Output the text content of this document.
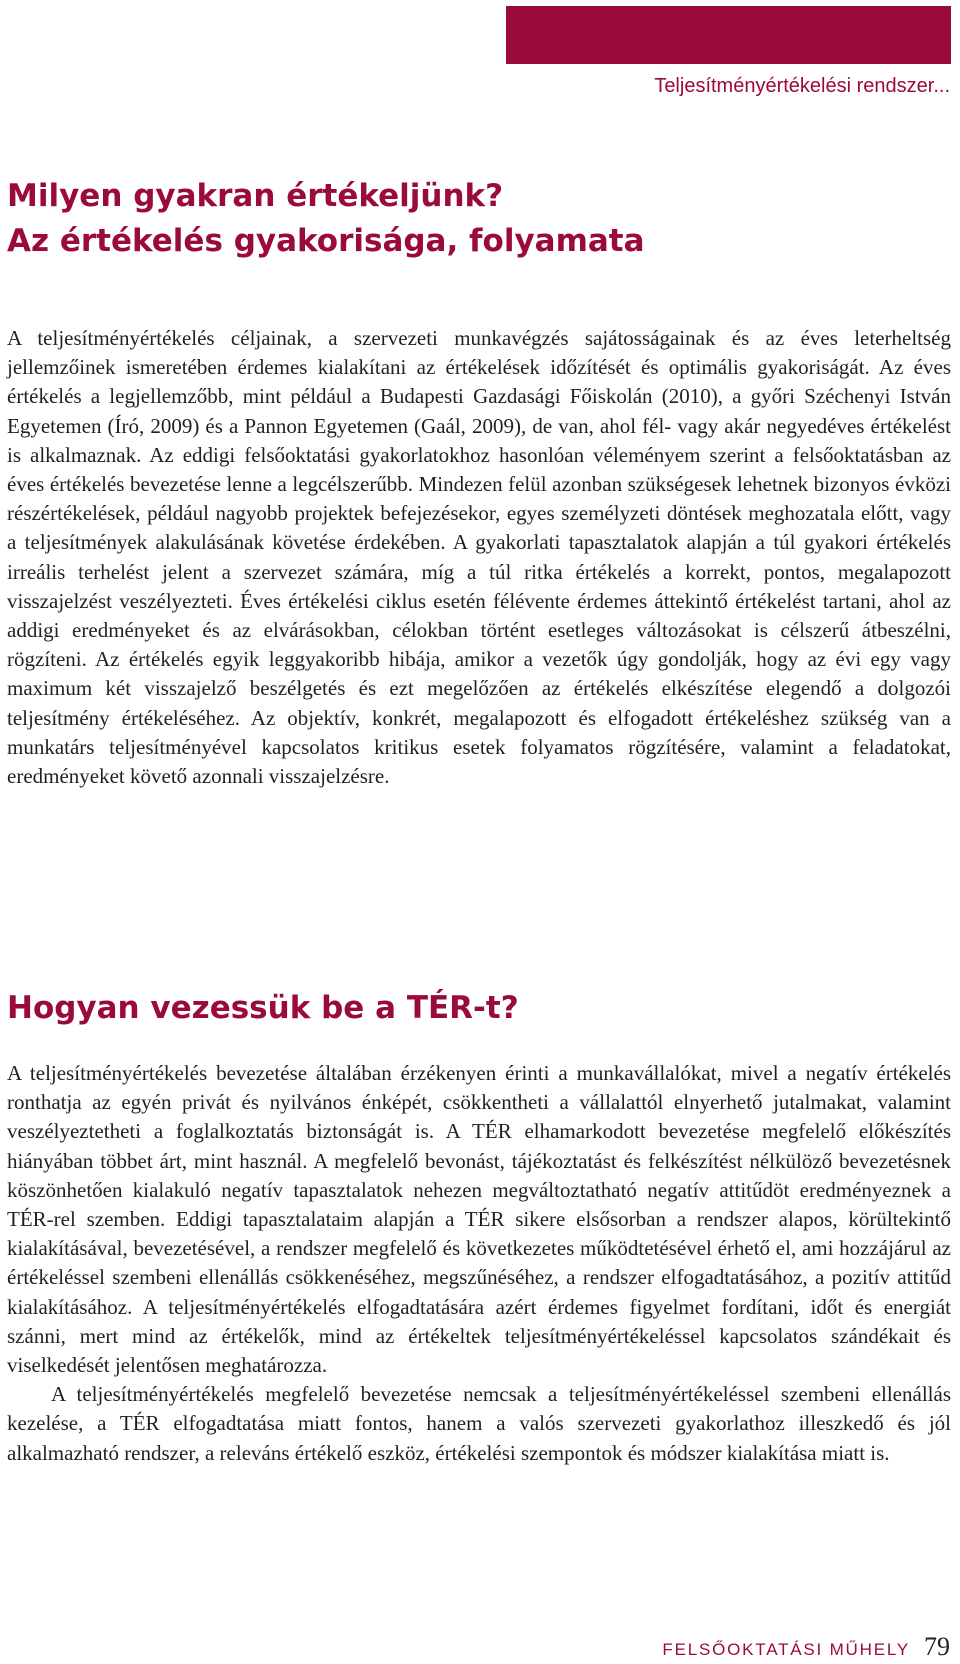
Teljesítményértékelési rendszer...
Milyen gyakran értékeljünk?
Az értékelés gyakorisága, folyamata

A teljesítményértékelés céljainak, a szervezeti munkavégzés sajátosságainak és az éves leterheltség jellemzőinek ismeretében érdemes kialakítani az értékelések időzítését és optimális gyakoriságát. Az éves értékelés a legjellemzőbb, mint például a Budapesti Gazdasági Főiskolán (2010), a győri Széchenyi István Egyetemen (Író, 2009) és a Pannon Egyetemen (Gaál, 2009), de van, ahol fél- vagy akár negyedéves értékelést is alkalmaznak. Az eddigi felsőoktatási gyakorlatokhoz hasonlóan véleményem szerint a felsőoktatásban az éves értékelés bevezetése lenne a legcélszerűbb. Mindezen felül azonban szükségesek lehetnek bizonyos évközi részértékelések, például nagyobb projektek befejezésekor, egyes személyzeti döntések meghozatala előtt, vagy a teljesítmények alakulásának követése érdekében. A gyakorlati tapasztalatok alapján a túl gyakori értékelés irreális terhelést jelent a szervezet számára, míg a túl ritka értékelés a korrekt, pontos, megalapozott visszajelzést veszélyezteti. Éves értékelési ciklus esetén félévente érdemes áttekintő értékelést tartani, ahol az addigi eredményeket és az elvárásokban, célokban történt esetleges változásokat is célszerű átbeszélni, rögzíteni. Az értékelés egyik leggyakoribb hibája, amikor a vezetők úgy gondolják, hogy az évi egy vagy maximum két visszajelző beszélgetés és ezt megelőzően az értékelés elkészítése elegendő a dolgozói teljesítmény értékeléséhez. Az objektív, konkrét, megalapozott és elfogadott értékeléshez szükség van a munkatárs teljesítményével kapcsolatos kritikus esetek folyamatos rögzítésére, valamint a feladatokat, eredményeket követő azonnali visszajelzésre.

Hogyan vezessük be a TÉR-t?

A teljesítményértékelés bevezetése általában érzékenyen érinti a munkavállalókat, mivel a negatív értékelés ronthatja az egyén privát és nyilvános énképét, csökkentheti a vállalattól elnyerhető jutalmakat, valamint veszélyeztetheti a foglalkoztatás biztonságát is. A TÉR elhamarkodott bevezetése megfelelő előkészítés hiányában többet árt, mint használ. A megfelelő bevonást, tájékoztatást és felkészítést nélkülöző bevezetésnek köszönhetően kialakuló negatív tapasztalatok nehezen megváltoztatható negatív attitűdöt eredményeznek a TÉR-rel szemben. Eddigi tapasztalataim alapján a TÉR sikere elsősorban a rendszer alapos, körültekintő kialakításával, bevezetésével, a rendszer megfelelő és következetes működtetésével érhető el, ami hozzájárul az értékeléssel szembeni ellenállás csökkenéséhez, megszűnéséhez, a rendszer elfogadtatásához, a pozitív attitűd kialakításához. A teljesítményértékelés elfogadtatására azért érdemes figyelmet fordítani, időt és energiát szánni, mert mind az értékelők, mind az értékeltek teljesítményértékeléssel kapcsolatos szándékait és viselkedését jelentősen meghatározza.

A teljesítményértékelés megfelelő bevezetése nemcsak a teljesítményértékeléssel szembeni ellenállás kezelése, a TÉR elfogadtatása miatt fontos, hanem a valós szervezeti gyakorlathoz illeszkedő és jól alkalmazható rendszer, a releváns értékelő eszköz, értékelési szempontok és módszer kialakítása miatt is.

FELSŐOKTATÁSI MŰHELY 79
